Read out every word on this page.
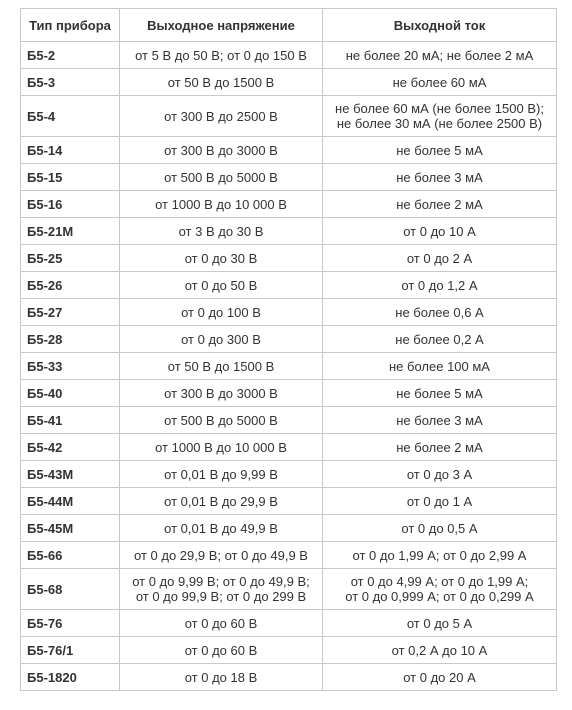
Тип прибора	Выходное напряжение	Выходной ток
Б5-2	от 5 В до 50 В; от 0 до 150 В	не более 20 мА; не более 2 мА

Б5-3	от 50 В до 1500 В	не более 60 мА

Б5-4	от 300 В до 2500 В	не более 60 мА (не более 1500 В);
не более 30 мА (не более 2500 В)

Б5-14	от 300 В до 3000 В	не более 5 мА

Б5-15	от 500 В до 5000 В	не более 3 мА

Б5-16	от 1000 В до 10 000 В	не более 2 мА

Б5-21М	от 3 В до 30 В	от 0 до 10 А

Б5-25	от 0 до 30 В	от 0 до 2 А

Б5-26	от 0 до 50 В	от 0 до 1,2 А

Б5-27	от 0 до 100 В	не более 0,6 А

Б5-28	от 0 до 300 В	не более 0,2 А

Б5-33	от 50 В до 1500 В	не более 100 мА

Б5-40	от 300 В до 3000 В	не более 5 мА

Б5-41	от 500 В до 5000 В	не более 3 мА

Б5-42	от 1000 В до 10 000 В	не более 2 мА

Б5-43М	от 0,01 В до 9,99 В	от 0 до 3 А

Б5-44М	от 0,01 В до 29,9 В	от 0 до 1 А

Б5-45М	от 0,01 В до 49,9 В	от 0 до 0,5 А

Б5-66	от 0 до 29,9 В; от 0 до 49,9 В	от 0 до 1,99 А; от 0 до 2,99 А

Б5-68	от 0 до 9,99 В; от 0 до 49,9 В;
от 0 до 99,9 В; от 0 до 299 В	от 0 до 4,99 А; от 0 до 1,99 А;
от 0 до 0,999 А; от 0 до 0,299 А

Б5-76	от 0 до 60 В	от 0 до 5 А

Б5-76/1	от 0 до 60 В	от 0,2 А до 10 А

Б5-1820	от 0 до 18 В	от 0 до 20 А
